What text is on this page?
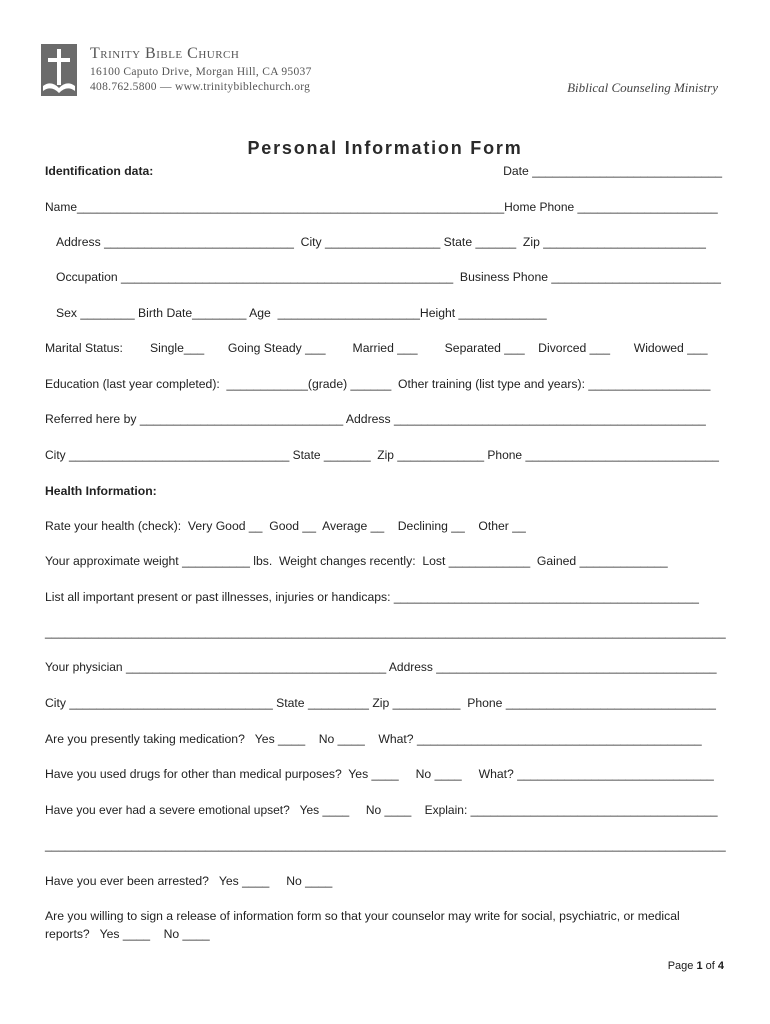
Trinity Bible Church
16100 Caputo Drive, Morgan Hill, CA 95037
408.762.5800 — www.trinitybiblechurch.org	Biblical Counseling Ministry
Personal Information Form
Identification data:	Date ____________________________
Name________________________________________________________________Home Phone _____________________
Address ____________________________  City _________________ State ______  Zip ________________________
Occupation _________________________________________________  Business Phone _________________________
Sex ________ Birth Date________ Age  _____________________Height _____________
Marital Status:        Single___       Going Steady ___        Married ___        Separated ___    Divorced ___       Widowed ___
Education (last year completed):  ____________(grade) ______  Other training (list type and years): __________________
Referred here by ______________________________ Address ______________________________________________
City _________________________________ State _______  Zip _____________ Phone _____________________________
Health Information:
Rate your health (check):  Very Good __  Good __  Average __    Declining __    Other __
Your approximate weight __________ lbs.  Weight changes recently:  Lost ____________  Gained _____________
List all important present or past illnesses, injuries or handicaps: _____________________________________________
______________________________________________________________________________________________________
Your physician _______________________________________ Address __________________________________________
City ______________________________ State _________ Zip __________  Phone _______________________________
Are you presently taking medication?   Yes ____    No ____    What? __________________________________________
Have you used drugs for other than medical purposes?  Yes ____     No ____     What? _____________________________
Have you ever had a severe emotional upset?   Yes ____     No ____    Explain: _____________________________________
______________________________________________________________________________________________________
Have you ever been arrested?   Yes ____     No ____
Are you willing to sign a release of information form so that your counselor may write for social, psychiatric, or medical
reports?   Yes ____    No ____
Page 1 of 4
